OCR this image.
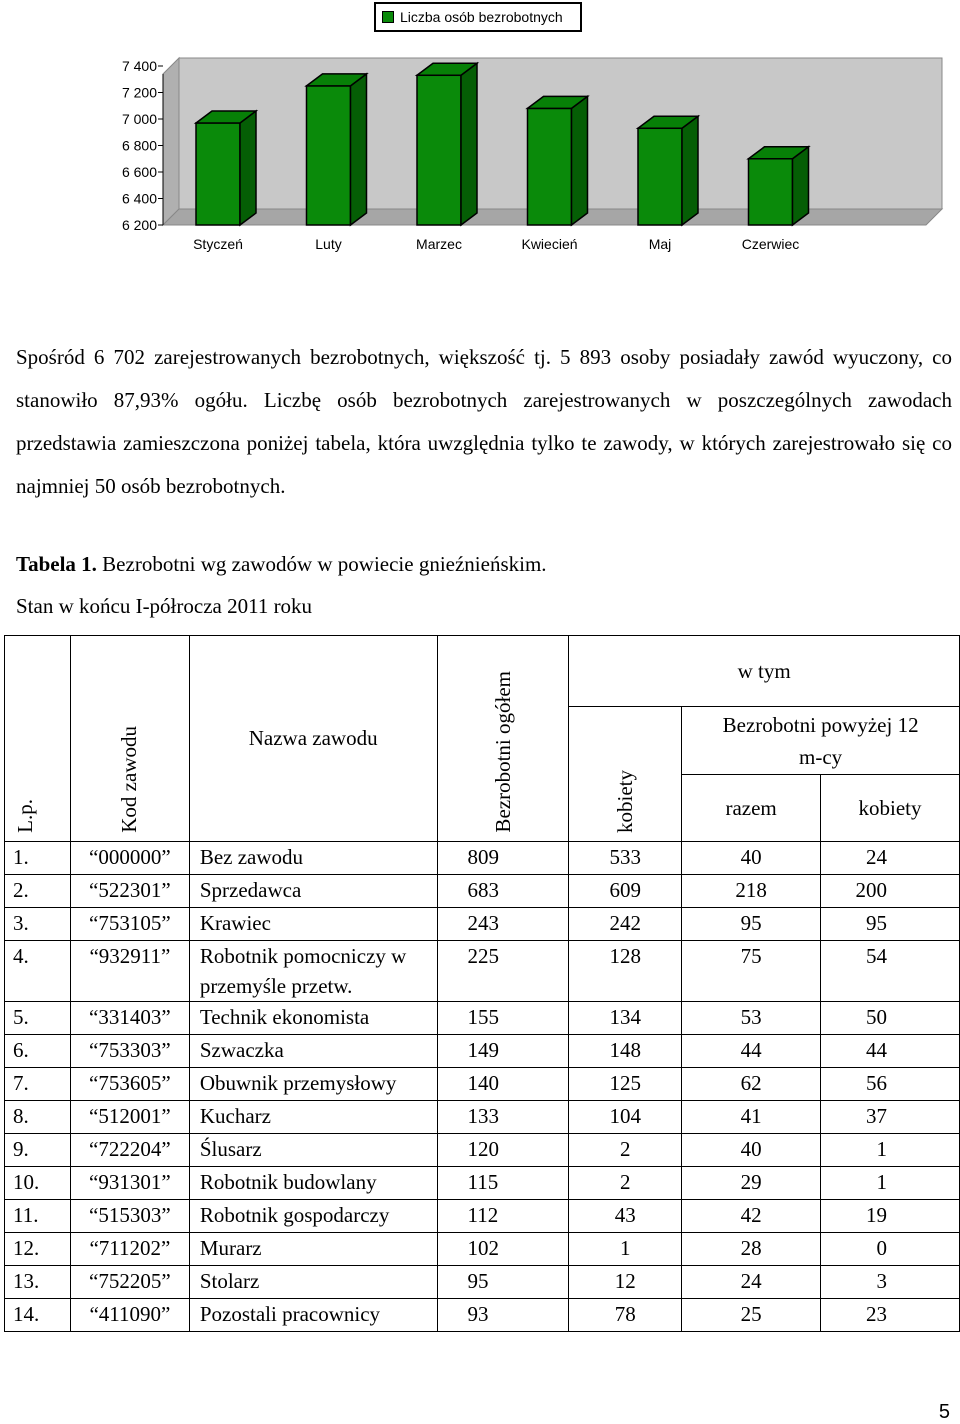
Liczba osób bezrobotnych
7 400
7 200
7 000
6 800
6 600
6 400
6 200
Styczeń	Luty	Marzec	Kwiecień	Maj	Czerwiec
Spośród 6 702 zarejestrowanych bezrobotnych, większość tj. 5 893 osoby posiadały zawód wyuczony, co stanowiło 87,93% ogółu. Liczbę osób bezrobotnych zarejestrowanych w poszczególnych zawodach przedstawia zamieszczona poniżej tabela, która uwzględnia tylko te zawody, w których zarejestrowało się co najmniej 50 osób bezrobotnych.
Tabela 1. Bezrobotni wg zawodów w powiecie gnieźnieńskim.
Stan w końcu I-półrocza 2011 roku
L.p.	Kod zawodu	Nazwa zawodu	Bezrobotni ogółem	w tym		

				kobiety	Bezrobotni powyżej 12 m-cy	
					razem	kobiety
1.	“000000”	Bez zawodu	809	533	40	24
2.	“522301”	Sprzedawca	683	609	218	200
3.	“753105”	Krawiec	243	242	95	95
4.	“932911”	Robotnik pomocniczy w przemyśle przetw.	225	128	75	54
5.	“331403”	Technik ekonomista	155	134	53	50
6.	“753303”	Szwaczka	149	148	44	44
7.	“753605”	Obuwnik przemysłowy	140	125	62	56
8.	“512001”	Kucharz	133	104	41	37
9.	“722204”	Ślusarz	120	2	40	1
10.	“931301”	Robotnik budowlany	115	2	29	1
11.	“515303”	Robotnik gospodarczy	112	43	42	19
12.	“711202”	Murarz	102	1	28	0
13.	“752205”	Stolarz	95	12	24	3
14.	“411090”	Pozostali pracownicy	93	78	25	23
5
